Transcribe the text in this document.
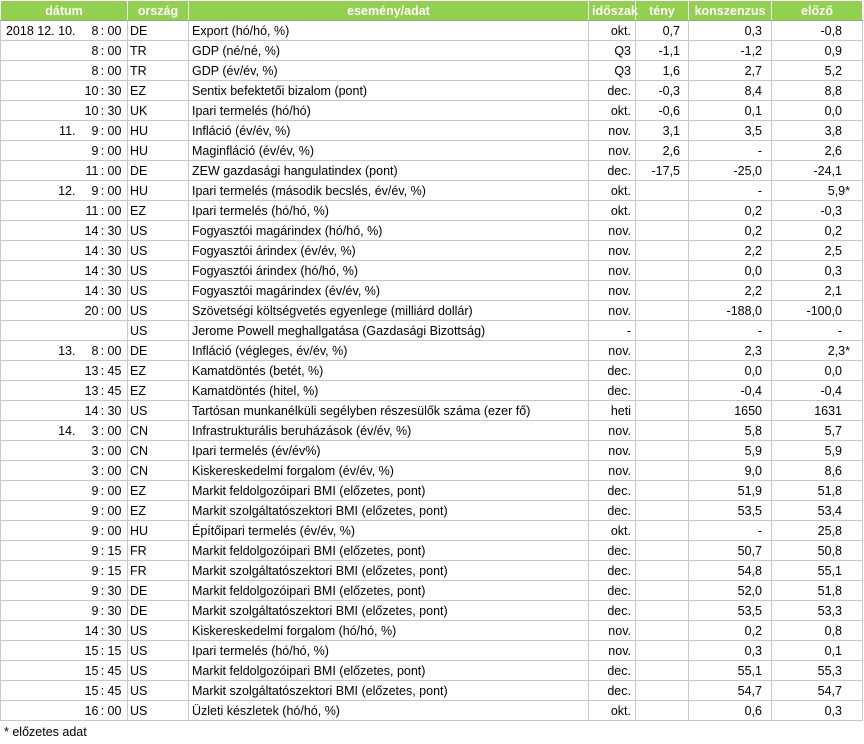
dátum				ország	esemény/adat	időszak	tény	konszenzus	előző
2018 12. 10.	8	:	00	DE	Export (hó/hó, %)	okt.	0,7	0,3	-0,8
	8	:	00	TR	GDP (né/né, %)	Q3	-1,1	-1,2	0,9
	8	:	00	TR	GDP (év/év, %)	Q3	1,6	2,7	5,2
	10	:	30	EZ	Sentix befektetői bizalom (pont)	dec.	-0,3	8,4	8,8
	10	:	30	UK	Ipari termelés (hó/hó)	okt.	-0,6	0,1	0,0
11.	9	:	00	HU	Infláció (év/év, %)	nov.	3,1	3,5	3,8
	9	:	00	HU	Maginfláció (év/év, %)	nov.	2,6	-	2,6
	11	:	00	DE	ZEW gazdasági hangulatindex (pont)	dec.	-17,5	-25,0	-24,1
12.	9	:	00	HU	Ipari termelés (második becslés, év/év, %)	okt.		-	5,9*
	11	:	00	EZ	Ipari termelés (hó/hó, %)	okt.		0,2	-0,3
	14	:	30	US	Fogyasztói magárindex (hó/hó, %)	nov.		0,2	0,2
	14	:	30	US	Fogyasztói árindex (év/év, %)	nov.		2,2	2,5
	14	:	30	US	Fogyasztói árindex (hó/hó, %)	nov.		0,0	0,3
	14	:	30	US	Fogyasztói magárindex (év/év, %)	nov.		2,2	2,1
	20	:	00	US	Szövetségi költségvetés egyenlege (milliárd dollár)	nov.		-188,0	-100,0
				US	Jerome Powell meghallgatása (Gazdasági Bizottság)	-		-	-
13.	8	:	00	DE	Infláció (végleges, év/év, %)	nov.		2,3	2,3*
	13	:	45	EZ	Kamatdöntés (betét, %)	dec.		0,0	0,0
	13	:	45	EZ	Kamatdöntés (hitel, %)	dec.		-0,4	-0,4
	14	:	30	US	Tartósan munkanélküli segélyben részesülők száma (ezer fő)	heti		1650	1631
14.	3	:	00	CN	Infrastrukturális beruházások (év/év, %)	nov.		5,8	5,7
	3	:	00	CN	Ipari termelés (év/év%)	nov.		5,9	5,9
	3	:	00	CN	Kiskereskedelmi forgalom (év/év, %)	nov.		9,0	8,6
	9	:	00	EZ	Markit feldolgozóipari BMI (előzetes, pont)	dec.		51,9	51,8
	9	:	00	EZ	Markit szolgáltatószektori BMI (előzetes, pont)	dec.		53,5	53,4
	9	:	00	HU	Építőipari termelés (év/év, %)	okt.		-	25,8
	9	:	15	FR	Markit feldolgozóipari BMI (előzetes, pont)	dec.		50,7	50,8
	9	:	15	FR	Markit szolgáltatószektori BMI (előzetes, pont)	dec.		54,8	55,1
	9	:	30	DE	Markit feldolgozóipari BMI (előzetes, pont)	dec.		52,0	51,8
	9	:	30	DE	Markit szolgáltatószektori BMI (előzetes, pont)	dec.		53,5	53,3
	14	:	30	US	Kiskereskedelmi forgalom (hó/hó, %)	nov.		0,2	0,8
	15	:	15	US	Ipari termelés (hó/hó, %)	nov.		0,3	0,1
	15	:	45	US	Markit feldolgozóipari BMI (előzetes, pont)	dec.		55,1	55,3
	15	:	45	US	Markit szolgáltatószektori BMI (előzetes, pont)	dec.		54,7	54,7
	16	:	00	US	Üzleti készletek (hó/hó, %)	okt.		0,6	0,3
* előzetes adat
